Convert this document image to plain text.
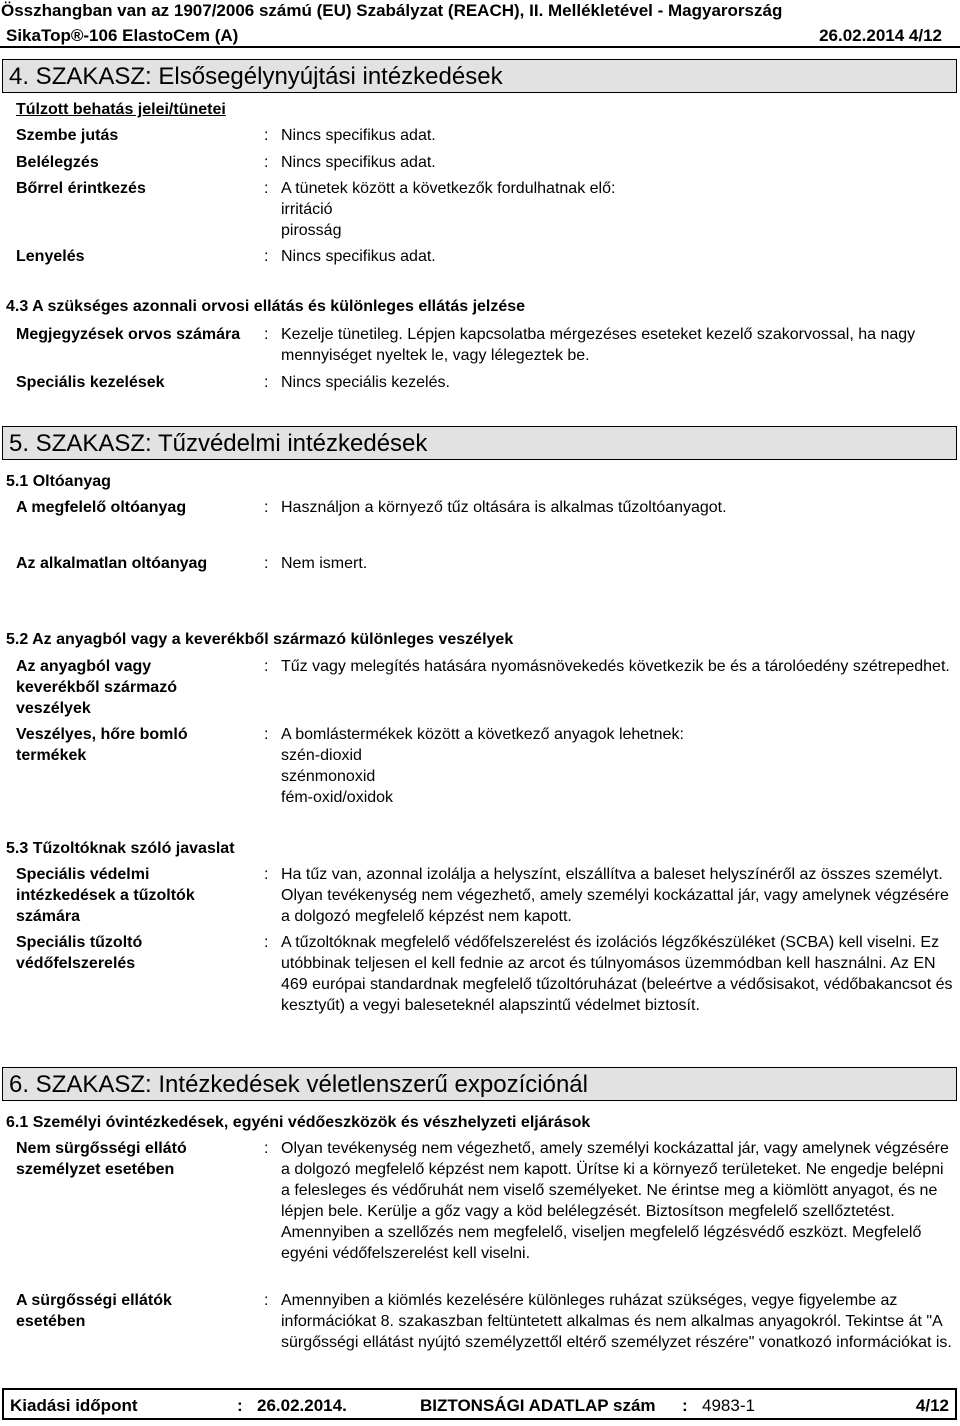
Összhangban van az 1907/2006 számú (EU) Szabályzat (REACH), II. Mellékletével - Magyarország
SikaTop®-106 ElastoCem (A)	26.02.2014 4/12
4. SZAKASZ: Elsősegélynyújtási intézkedések
Túlzott behatás jelei/tünetei
Szembe jutás	: Nincs specifikus adat.
Belélegzés	: Nincs specifikus adat.
Bőrrel érintkezés	: A tünetek között a következők fordulhatnak elő:
irritáció
pirosság
Lenyelés	: Nincs specifikus adat.
4.3 A szükséges azonnali orvosi ellátás és különleges ellátás jelzése
Megjegyzések orvos számára	: Kezelje tünetileg. Lépjen kapcsolatba mérgezéses eseteket kezelő szakorvossal, ha nagy mennyiséget nyeltek le, vagy lélegeztek be.
Speciális kezelések	: Nincs speciális kezelés.
5. SZAKASZ: Tűzvédelmi intézkedések
5.1 Oltóanyag
A megfelelő oltóanyag	: Használjon a környező tűz oltására is alkalmas tűzoltóanyagot.
Az alkalmatlan oltóanyag	: Nem ismert.
5.2 Az anyagból vagy a keverékből származó különleges veszélyek
Az anyagból vagy keverékből származó veszélyek
: Tűz vagy melegítés hatására nyomásnövekedés következik be és a tárolóedény szétrepedhet.
Veszélyes, hőre bomló termékek
: A bomlástermékek között a következő anyagok lehetnek:
szén-dioxid
szénmonoxid
fém-oxid/oxidok
5.3 Tűzoltóknak szóló javaslat
Speciális védelmi intézkedések a tűzoltók számára
: Ha tűz van, azonnal izolálja a helyszínt, elszállítva a baleset helyszínéről az összes személyt. Olyan tevékenység nem végezhető, amely személyi kockázattal jár, vagy amelynek végzésére a dolgozó megfelelő képzést nem kapott.
Speciális tűzoltó védőfelszerelés
: A tűzoltóknak megfelelő védőfelszerelést és izolációs légzőkészüléket (SCBA) kell viselni. Ez utóbbinak teljesen el kell fednie az arcot és túlnyomásos üzemmódban kell használni. Az EN 469 európai standardnak megfelelő tűzoltóruházat (beleértve a védősisakot, védőbakancsot és kesztyűt) a vegyi baleseteknél alapszintű védelmet biztosít.
6. SZAKASZ: Intézkedések véletlenszerű expozíciónál
6.1 Személyi óvintézkedések, egyéni védőeszközök és vészhelyzeti eljárások
Nem sürgősségi ellátó személyzet esetében
: Olyan tevékenység nem végezhető, amely személyi kockázattal jár, vagy amelynek végzésére a dolgozó megfelelő képzést nem kapott. Ürítse ki a környező területeket. Ne engedje belépni a felesleges és védőruhát nem viselő személyeket. Ne érintse meg a kiömlött anyagot, és ne lépjen bele. Kerülje a gőz vagy a köd belélegzését. Biztosítson megfelelő szellőztetést. Amennyiben a szellőzés nem megfelelő, viseljen megfelelő légzésvédő eszközt. Megfelelő egyéni védőfelszerelést kell viselni.
A sürgősségi ellátók esetében
: Amennyiben a kiömlés kezelésére különleges ruházat szükséges, vegye figyelembe az információkat 8. szakaszban feltüntetett alkalmas és nem alkalmas anyagokról. Tekintse át "A sürgősségi ellátást nyújtó személyzettől eltérő személyzet részére" vonatkozó információkat is.
Kiadási időpont	: 26.02.2014.	BIZTONSÁGI ADATLAP szám : 4983-1	4/12
